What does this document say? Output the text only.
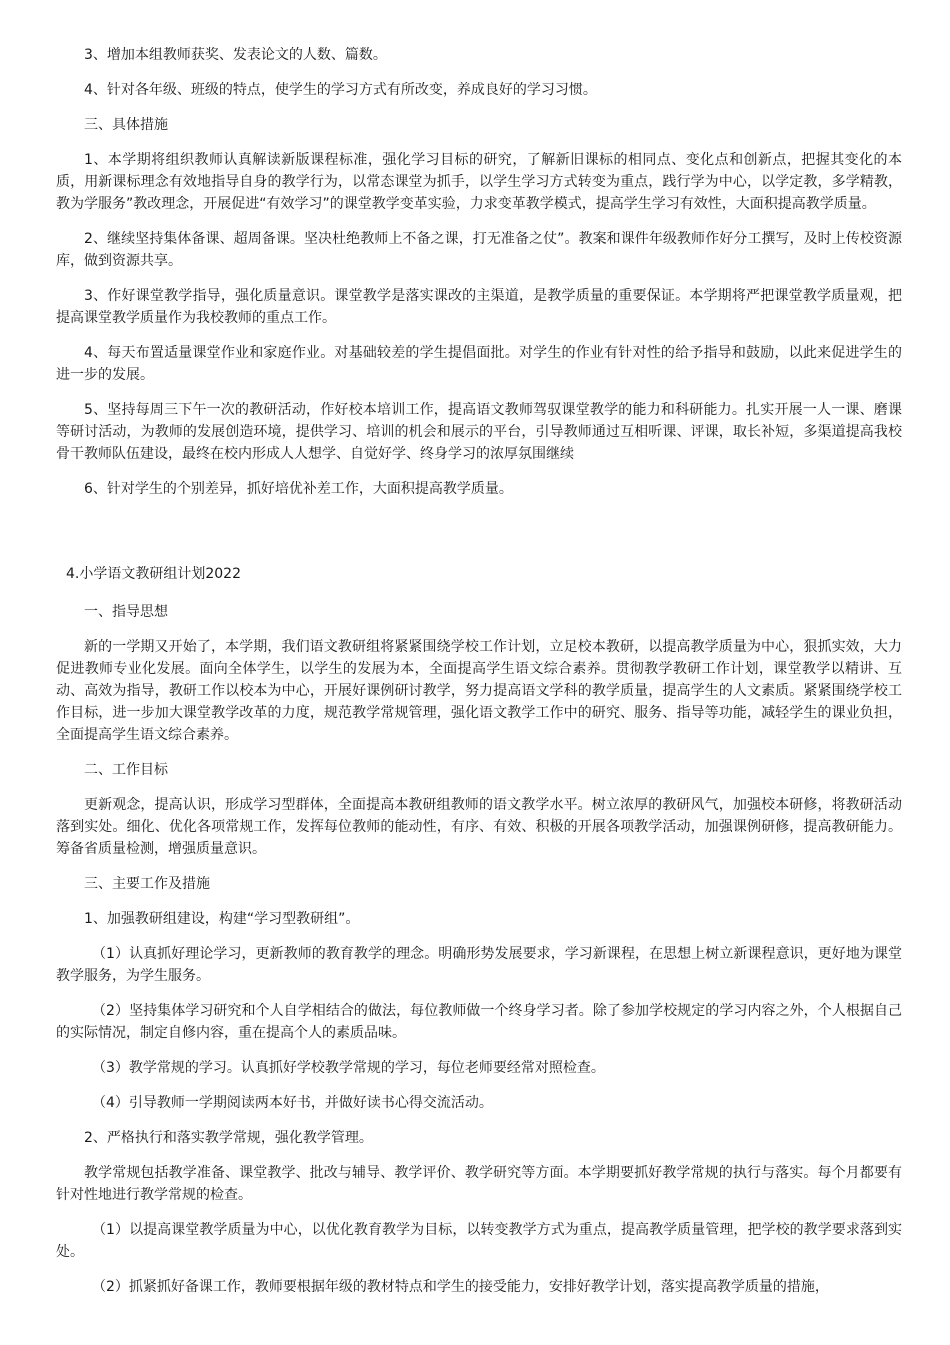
3、增加本组教师获奖、发表论文的人数、篇数。

4、针对各年级、班级的特点，使学生的学习方式有所改变，养成良好的学习习惯。

三、具体措施

1、本学期将组织教师认真解读新版课程标准，强化学习目标的研究，了解新旧课标的相同点、变化点和创新点，把握其变化的本质，用新课标理念有效地指导自身的教学行为，以常态课堂为抓手，以学生学习方式转变为重点，践行学为中心，以学定教，多学精教，教为学服务”教改理念，开展促进“有效学习”的课堂教学变革实验，力求变革教学模式，提高学生学习有效性，大面积提高教学质量。

2、继续坚持集体备课、超周备课。坚决杜绝教师上不备之课，打无准备之仗”。教案和课件年级教师作好分工撰写，及时上传校资源库，做到资源共享。

3、作好课堂教学指导，强化质量意识。课堂教学是落实课改的主渠道，是教学质量的重要保证。本学期将严把课堂教学质量观，把提高课堂教学质量作为我校教师的重点工作。

4、每天布置适量课堂作业和家庭作业。对基础较差的学生提倡面批。对学生的作业有针对性的给予指导和鼓励，以此来促进学生的进一步的发展。

5、坚持每周三下午一次的教研活动，作好校本培训工作，提高语文教师驾驭课堂教学的能力和科研能力。扎实开展一人一课、磨课等研讨活动，为教师的发展创造环境，提供学习、培训的机会和展示的平台，引导教师通过互相听课、评课，取长补短，多渠道提高我校骨干教师队伍建设，最终在校内形成人人想学、自觉好学、终身学习的浓厚氛围继续

6、针对学生的个别差异，抓好培优补差工作，大面积提高教学质量。

4.小学语文教研组计划2022

一、指导思想

新的一学期又开始了，本学期，我们语文教研组将紧紧围绕学校工作计划，立足校本教研，以提高教学质量为中心，狠抓实效，大力促进教师专业化发展。面向全体学生，以学生的发展为本，全面提高学生语文综合素养。贯彻教学教研工作计划，课堂教学以精讲、互动、高效为指导，教研工作以校本为中心，开展好课例研讨教学，努力提高语文学科的教学质量，提高学生的人文素质。紧紧围绕学校工作目标，进一步加大课堂教学改革的力度，规范教学常规管理，强化语文教学工作中的研究、服务、指导等功能，减轻学生的课业负担，全面提高学生语文综合素养。

二、工作目标

更新观念，提高认识，形成学习型群体，全面提高本教研组教师的语文教学水平。树立浓厚的教研风气，加强校本研修，将教研活动落到实处。细化、优化各项常规工作，发挥每位教师的能动性，有序、有效、积极的开展各项教学活动，加强课例研修，提高教研能力。筹备省质量检测，增强质量意识。

三、主要工作及措施

1、加强教研组建设，构建“学习型教研组”。

（1）认真抓好理论学习，更新教师的教育教学的理念。明确形势发展要求，学习新课程，在思想上树立新课程意识，更好地为课堂教学服务，为学生服务。

（2）坚持集体学习研究和个人自学相结合的做法，每位教师做一个终身学习者。除了参加学校规定的学习内容之外，个人根据自己的实际情况，制定自修内容，重在提高个人的素质品味。

（3）教学常规的学习。认真抓好学校教学常规的学习，每位老师要经常对照检查。

（4）引导教师一学期阅读两本好书，并做好读书心得交流活动。

2、严格执行和落实教学常规，强化教学管理。

教学常规包括教学准备、课堂教学、批改与辅导、教学评价、教学研究等方面。本学期要抓好教学常规的执行与落实。每个月都要有针对性地进行教学常规的检查。

（1）以提高课堂教学质量为中心，以优化教育教学为目标，以转变教学方式为重点，提高教学质量管理，把学校的教学要求落到实处。

（2）抓紧抓好备课工作，教师要根据年级的教材特点和学生的接受能力，安排好教学计划，落实提高教学质量的措施，
